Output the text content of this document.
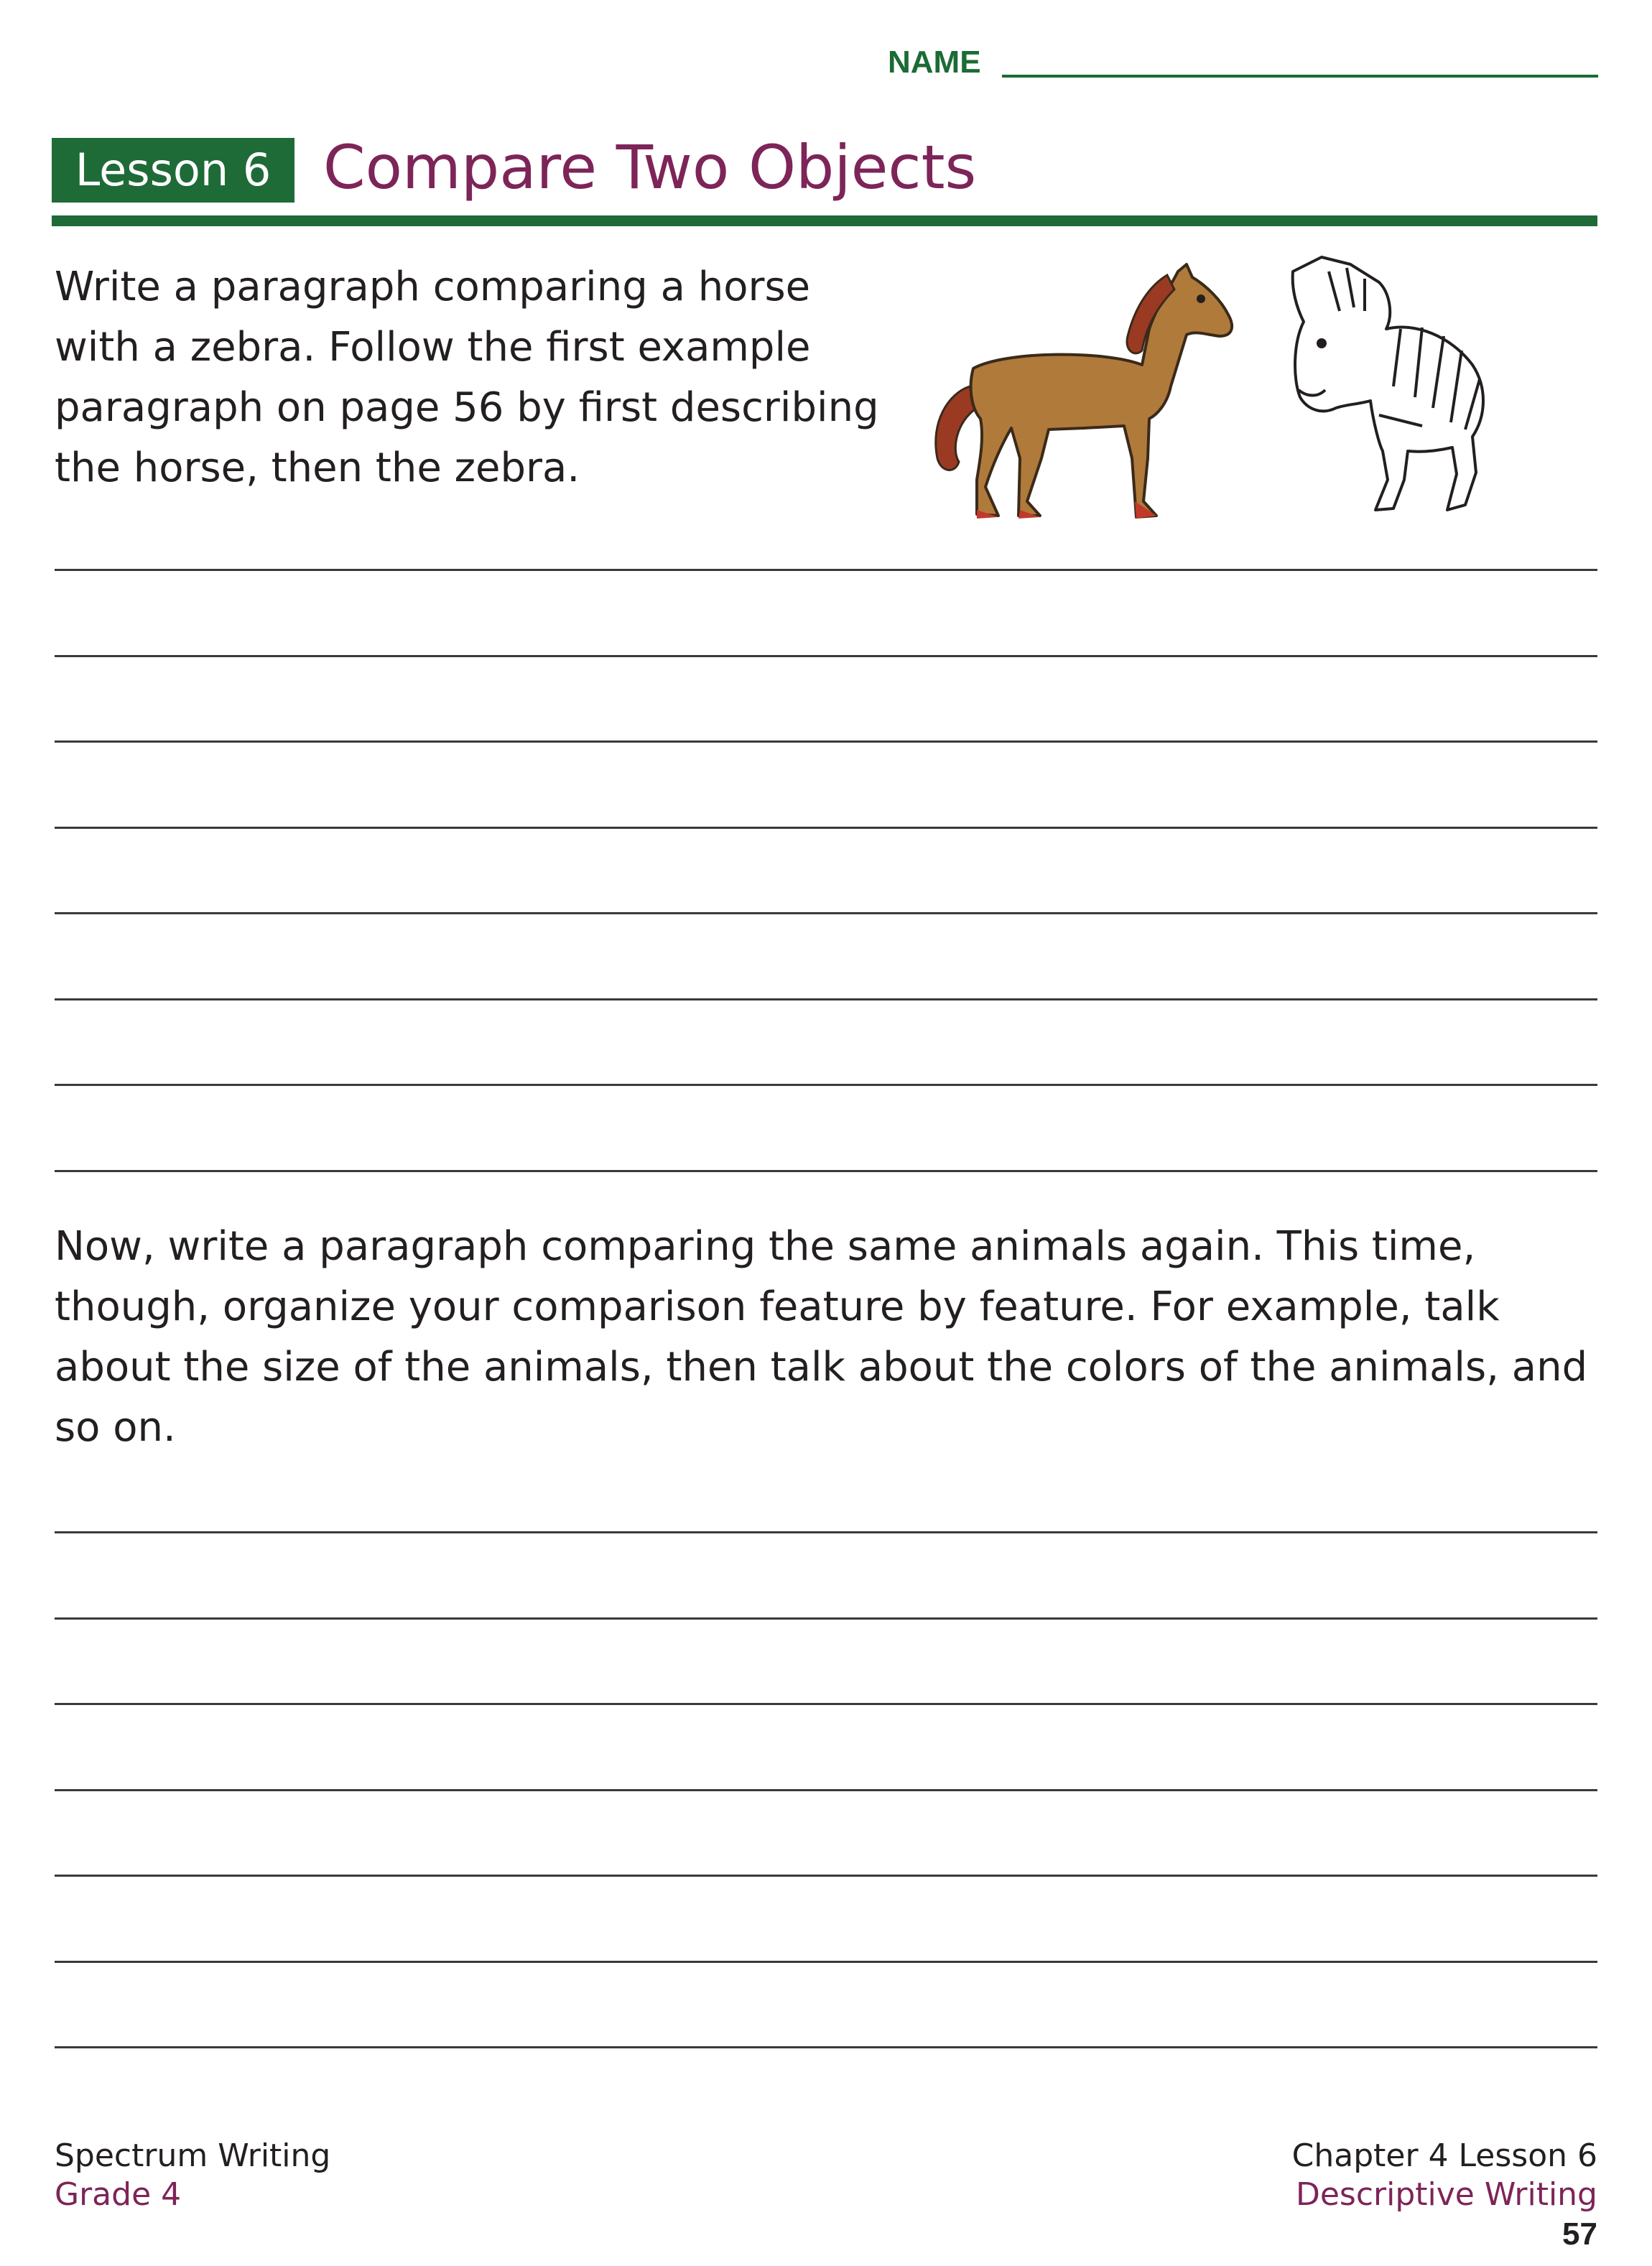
NAME
Lesson 6 Compare Two Objects
Write a paragraph comparing a horse with a zebra. Follow the first example paragraph on page 56 by first describing the horse, then the zebra.
Now, write a paragraph comparing the same animals again. This time, though, organize your comparison feature by feature. For example, talk about the size of the animals, then talk about the colors of the animals, and so on.
Spectrum Writing
Grade 4
Chapter 4 Lesson 6
Descriptive Writing
57
